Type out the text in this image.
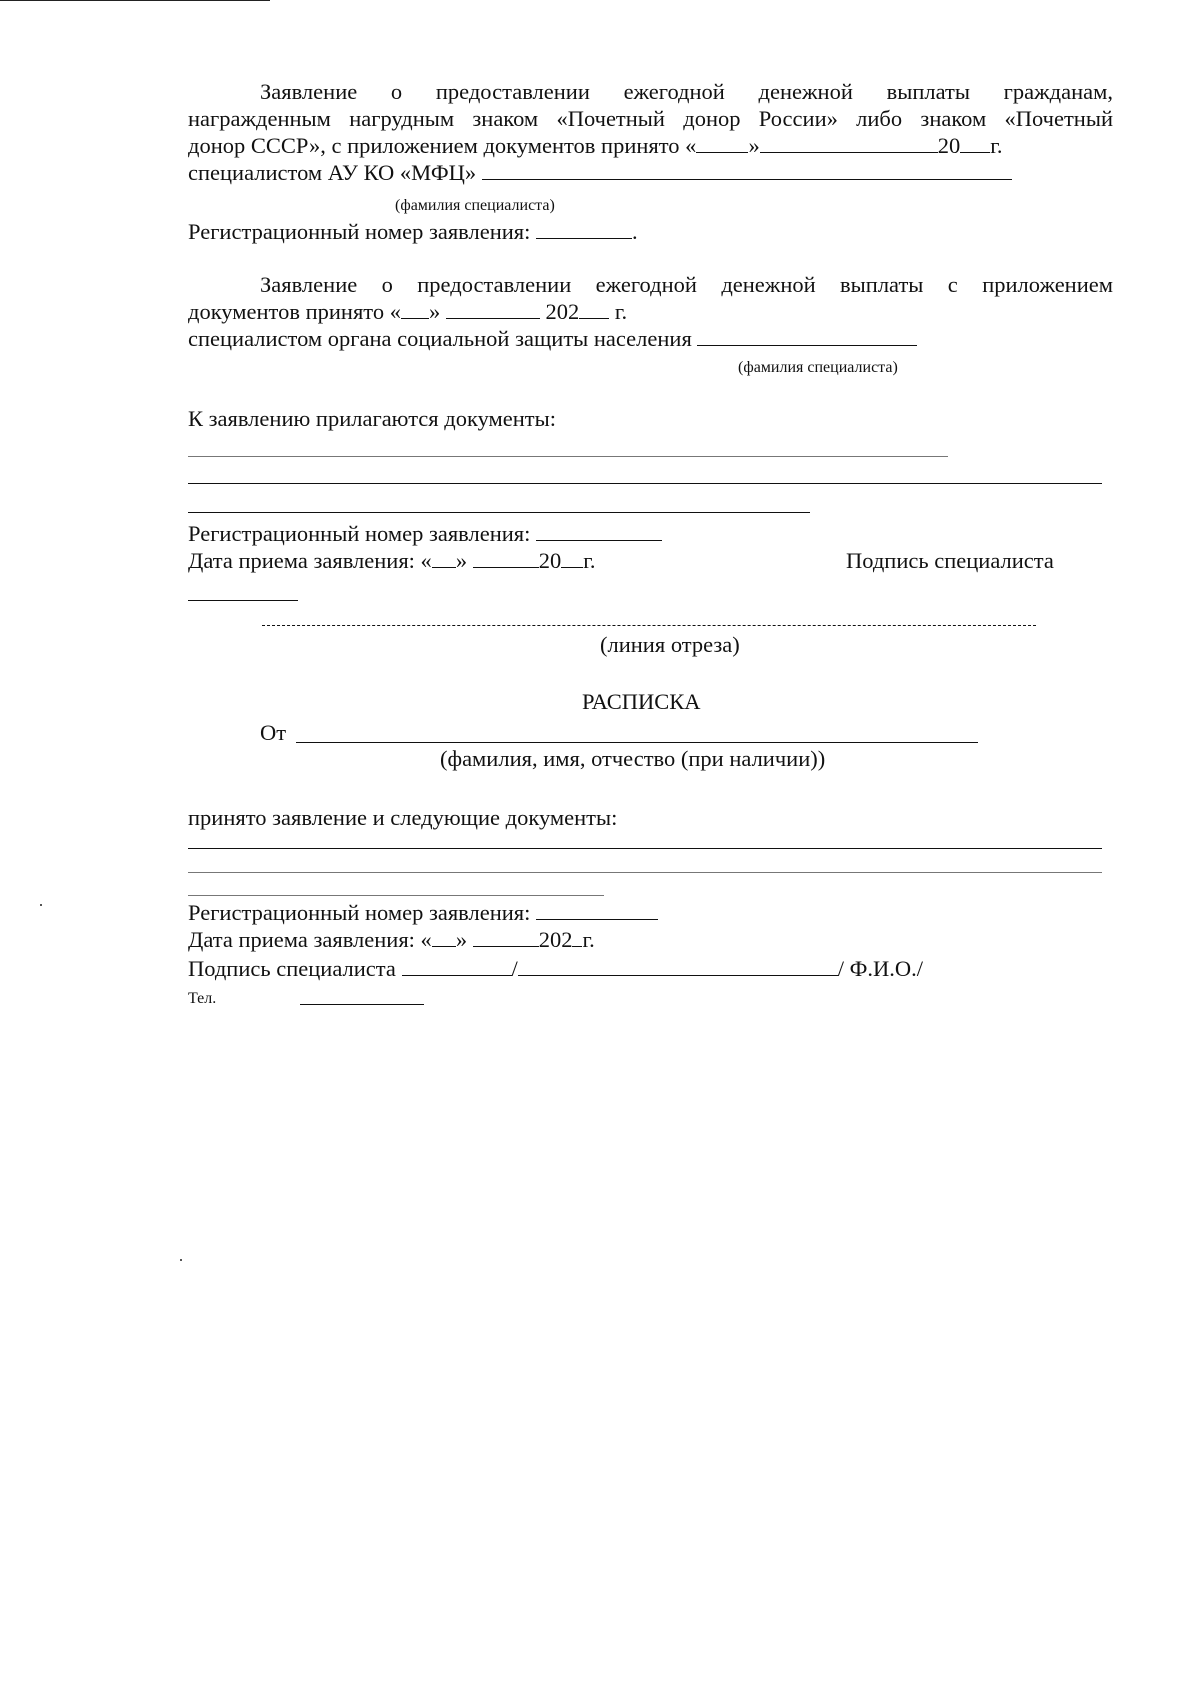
Заявление о предоставлении ежегодной денежной выплаты гражданам,
награжденным нагрудным знаком «Почетный донор России» либо знаком «Почетный
донор СССР», с приложением документов принято « »	20 г.
специалистом АУ КО «МФЦ»
(фамилия специалиста)
Регистрационный номер заявления:	.
Заявление о предоставлении ежегодной денежной выплаты с приложением
документов принято « »	202 г.
специалистом органа социальной защиты населения
(фамилия специалиста)
К заявлению прилагаются документы:
Регистрационный номер заявления:
Дата приема заявления: « »	20 г.	Подпись специалиста
(линия отреза)
РАСПИСКА
От
(фамилия, имя, отчество (при наличии))
принято заявление и следующие документы:
Регистрационный номер заявления:
Дата приема заявления: « »	202 г.
Подпись специалиста	/	/ Ф.И.О./
Тел.
